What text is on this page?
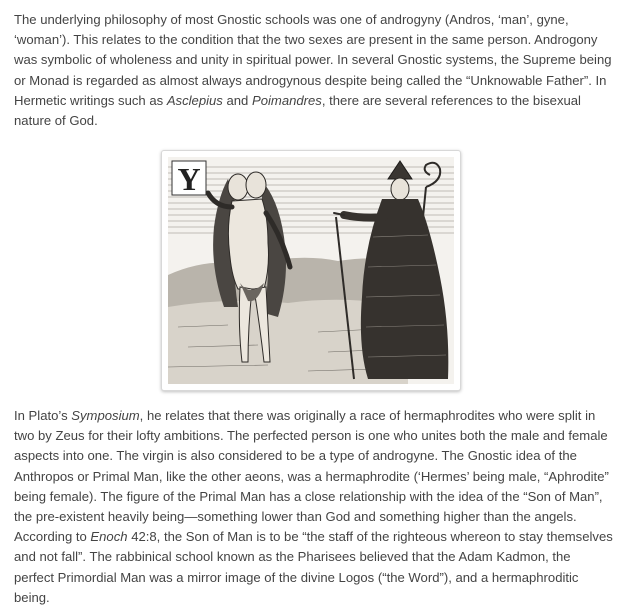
The underlying philosophy of most Gnostic schools was one of androgyny (Andros, ‘man’, gyne, ‘woman’). This relates to the condition that the two sexes are present in the same person. Androgony was symbolic of wholeness and unity in spiritual power. In several Gnostic systems, the Supreme being or Monad is regarded as almost always androgynous despite being called the “Unknowable Father”. In Hermetic writings such as Asclepius and Poimandres, there are several references to the bisexual nature of God.

Y

In Plato’s Symposium, he relates that there was originally a race of hermaphrodites who were split in two by Zeus for their lofty ambitions. The perfected person is one who unites both the male and female aspects into one. The virgin is also considered to be a type of androgyne. The Gnostic idea of the Anthropos or Primal Man, like the other aeons, was a hermaphrodite (‘Hermes’ being male, “Aphrodite” being female). The figure of the Primal Man has a close relationship with the idea of the “Son of Man”, the pre-existent heavily being—something lower than God and something higher than the angels. According to Enoch 42:8, the Son of Man is to be “the staff of the righteous whereon to stay themselves and not fall”. The rabbinical school known as the Pharisees believed that the Adam Kadmon, the perfect Primordial Man was a mirror image of the divine Logos (“the Word”), and a hermaphroditic being.
